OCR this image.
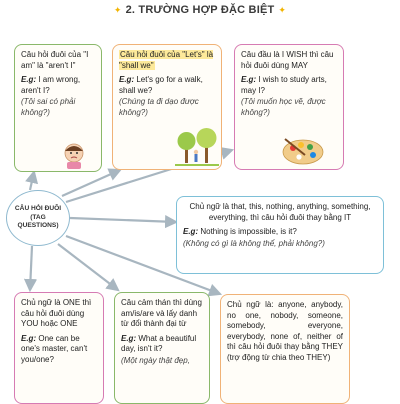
✦ 2. TRƯỜNG HỢP ĐẶC BIỆT ✦
Câu hỏi đuôi của "I am" là "aren't I"
E.g: I am wrong, aren't I?
(Tôi sai có phải không?)
Câu hỏi đuôi của "Let's" là "shall we"
E.g: Let's go for a walk, shall we?
(Chúng ta đi dạo được không?)
Câu đầu là I WISH thì câu hỏi đuôi dùng MAY
E.g: I wish to study arts, may I?
(Tôi muốn học vẽ, được không?)
CÂU HỎI ĐUÔI
(TAG
QUESTIONS)
Chủ ngữ là that, this, nothing, anything, something, everything, thì câu hỏi đuôi thay bằng IT
E.g: Nothing is impossible, is it?
(Không có gì là không thể, phải không?)
Chủ ngữ là ONE thì câu hỏi đuôi dùng YOU hoặc ONE
E.g: One can be one's master, can't you/one?
Câu cảm thán thì dùng am/is/are và lấy danh từ đổi thành đại từ
E.g: What a beautiful day, isn't it?
(Một ngày thật đẹp,
Chủ ngữ là: anyone, anybody, no one, nobody, someone, somebody, everyone, everybody, none of, neither of thì câu hỏi đuôi thay bằng THEY (trợ động từ chia theo THEY)
